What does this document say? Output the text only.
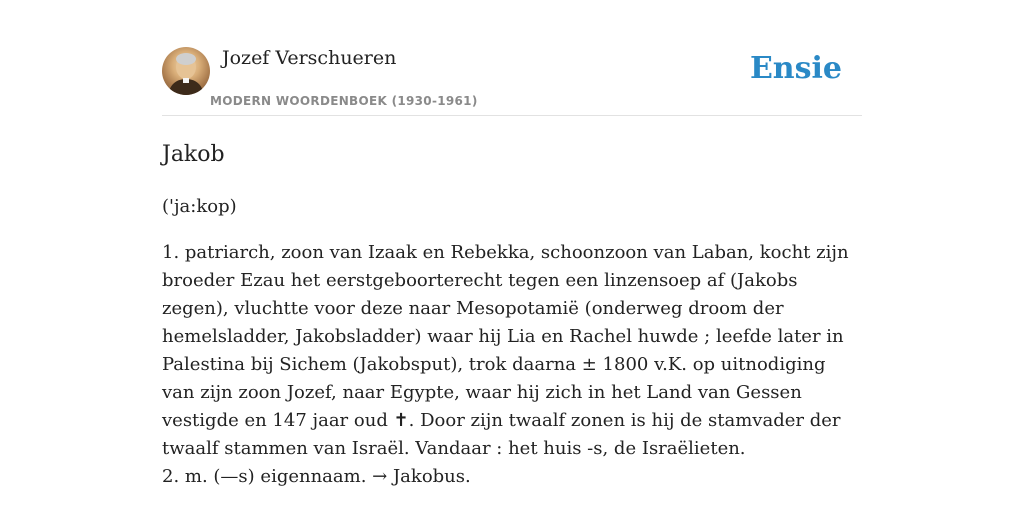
Jozef Verschueren
MODERN WOORDENBOEK (1930-1961)
Ensie
Jakob
('ja:kop)

1. patriarch, zoon van Izaak en Rebekka, schoonzoon van Laban, kocht zijn broeder Ezau het eerstgeboorterecht tegen een linzensoep af (Jakobs zegen), vluchtte voor deze naar Mesopotamië (onderweg droom der hemelsladder, Jakobsladder) waar hij Lia en Rachel huwde ; leefde later in Palestina bij Sichem (Jakobsput), trok daarna ± 1800 v.K. op uitnodiging van zijn zoon Jozef, naar Egypte, waar hij zich in het Land van Gessen vestigde en 147 jaar oud ✝. Door zijn twaalf zonen is hij de stamvader der twaalf stammen van Israël. Vandaar : het huis -s, de Israëlieten.

2. m. (—s) eigennaam. → Jakobus.
